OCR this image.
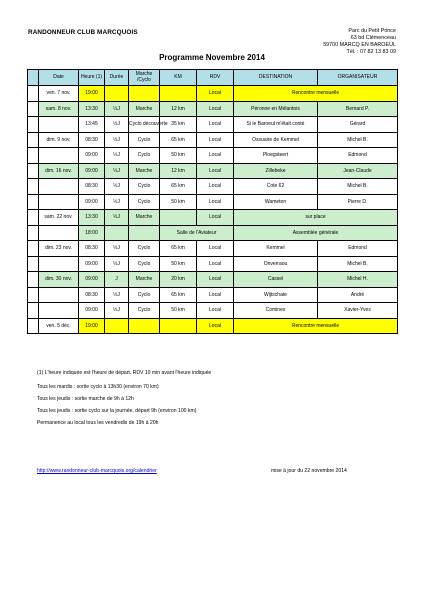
RANDONNEUR CLUB MARCQUOIS	Parc du Petit Prince
63 bd Clémenceau
59700 MARCQ EN BAROEUL
Tél. : 07 82 13 83 09
Programme Novembre 2014
	Date	Heure (1)	Durée	Marche /Cyclo	KM	RDV	DESTINATION	ORGANISATEUR
	ven. 7 nov.	19:00				Local	Rencontre mensuelle	
	sam. 8 nov.	13:30	½J	Marche	12 km	Local	Péronne en Mélantois	Bernard P.
		13:45	½J	Cyclo découverte	35 km	Local	Si le Baroeul m'était conté	Gérard
	dim. 9 nov.	08:30	½J	Cyclo	65 km	Local	Ossuaire de Kemmel	Michel B.
		09:00	½J	Cyclo	50 km	Local	Ploegsteert	Edmond
	dim. 16 nov.	09:00	½J	Marche	12 km	Local	Zillebeke	Jean-Claude
		08:30	½J	Cyclo	65 km	Local	Cote 62	Michel B.
		09:00	½J	Cyclo	50 km	Local	Wameton	Pierre D.
	sam. 22 nov.	13:30	½J	Marche		Local	sur place	
		18:00			Salle de l'Aviateur		Assemblée générale	
	dim. 23 nov.	08:30	½J	Cyclo	65 km	Local	Kemmel	Edmond
		09:00	½J	Cyclo	50 km	Local	Onverraou	Michel B.
	dim. 30 nov.	09:00	J	Marche	20 km	Local	Cassel	Michel H.
		08:30	½J	Cyclo	65 km	Local	Wijtschate	André
		09:00	½J	Cyclo	50 km	Local	Comines	Xavier-Yves
	ven. 5 déc.	19:00				Local	Rencontre mensuelle	
(1) L'heure indiquée est l'heure de départ. RDV 10 min avant l'heure indiquée
Tous les mardis : sortie cyclo à 13h30 (environ 70 km)
Tous les jeudis : sortie marche de 9h à 12h
Tous les jeudis : sortie cyclo sur la journée, départ 9h (environ 100 km)
Permanence au local tous les vendredis de 19h à 20h
http://www.randonneur-club-marcquois.org/calendrier	mise à jour du 22 novembre 2014
